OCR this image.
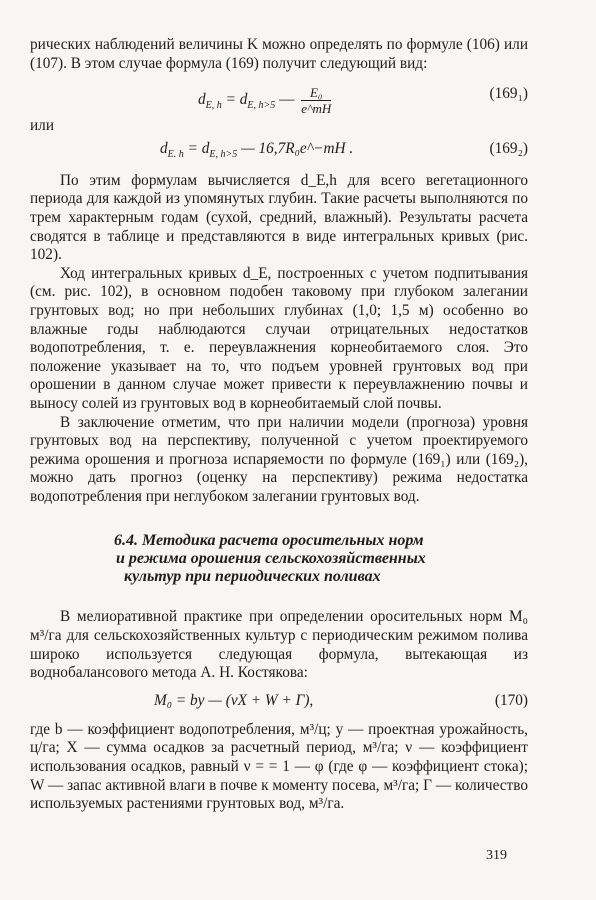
рических наблюдений величины K можно определять по формуле (106) или (107). В этом случае формула (169) получит следующий вид:

$d_{E, h} = d_{E, h>5}$ — $\frac{\text{E₀}}{e\^{}mH}$	(169₁)

или

$d_{E. h} = d_{E, h>5}$ — 16,7R₀e^−mH .	(169₂)

По этим формулам вычисляется d_E,h для всего вегетационного периода для каждой из упомянутых глубин. Такие расчеты выполняются по трем характерным годам (сухой, средний, влажный). Результаты расчета сводятся в таблице и представляются в виде интегральных кривых (рис. 102).

Ход интегральных кривых d_E, построенных с учетом подпитывания (см. рис. 102), в основном подобен таковому при глубоком залегании грунтовых вод; но при небольших глубинах (1,0; 1,5 м) особенно во влажные годы наблюдаются случаи отрицательных недостатков водопотребления, т. е. переувлажнения корнеобитаемого слоя. Это положение указывает на то, что подъем уровней грунтовых вод при орошении в данном случае может привести к переувлажнению почвы и выносу солей из грунтовых вод в корнеобитаемый слой почвы.

В заключение отметим, что при наличии модели (прогноза) уровня грунтовых вод на перспективу, полученной с учетом проектируемого режима орошения и прогноза испаряемости по формуле (169₁) или (169₂), можно дать прогноз (оценку на перспективу) режима недостатка водопотребления при неглубоком залегании грунтовых вод.

6.4. Методика расчета оросительных норм
и режима орошения сельскохозяйственных
культур при периодических поливах

В мелиоративной практике при определении оросительных норм M₀ м³/га для сельскохозяйственных культур с периодическим режимом полива широко используется следующая формула, вытекающая из воднобалансового метода А. Н. Костякова:

M₀ = by — (νX + W + Г),	(170)

где b — коэффициент водопотребления, м³/ц; y — проектная урожайность, ц/га; X — сумма осадков за расчетный период, м³/га; ν — коэффициент использования осадков, равный ν = = 1 — φ (где φ — коэффициент стока); W — запас активной влаги в почве к моменту посева, м³/га; Г — количество используемых растениями грунтовых вод, м³/га.

319
